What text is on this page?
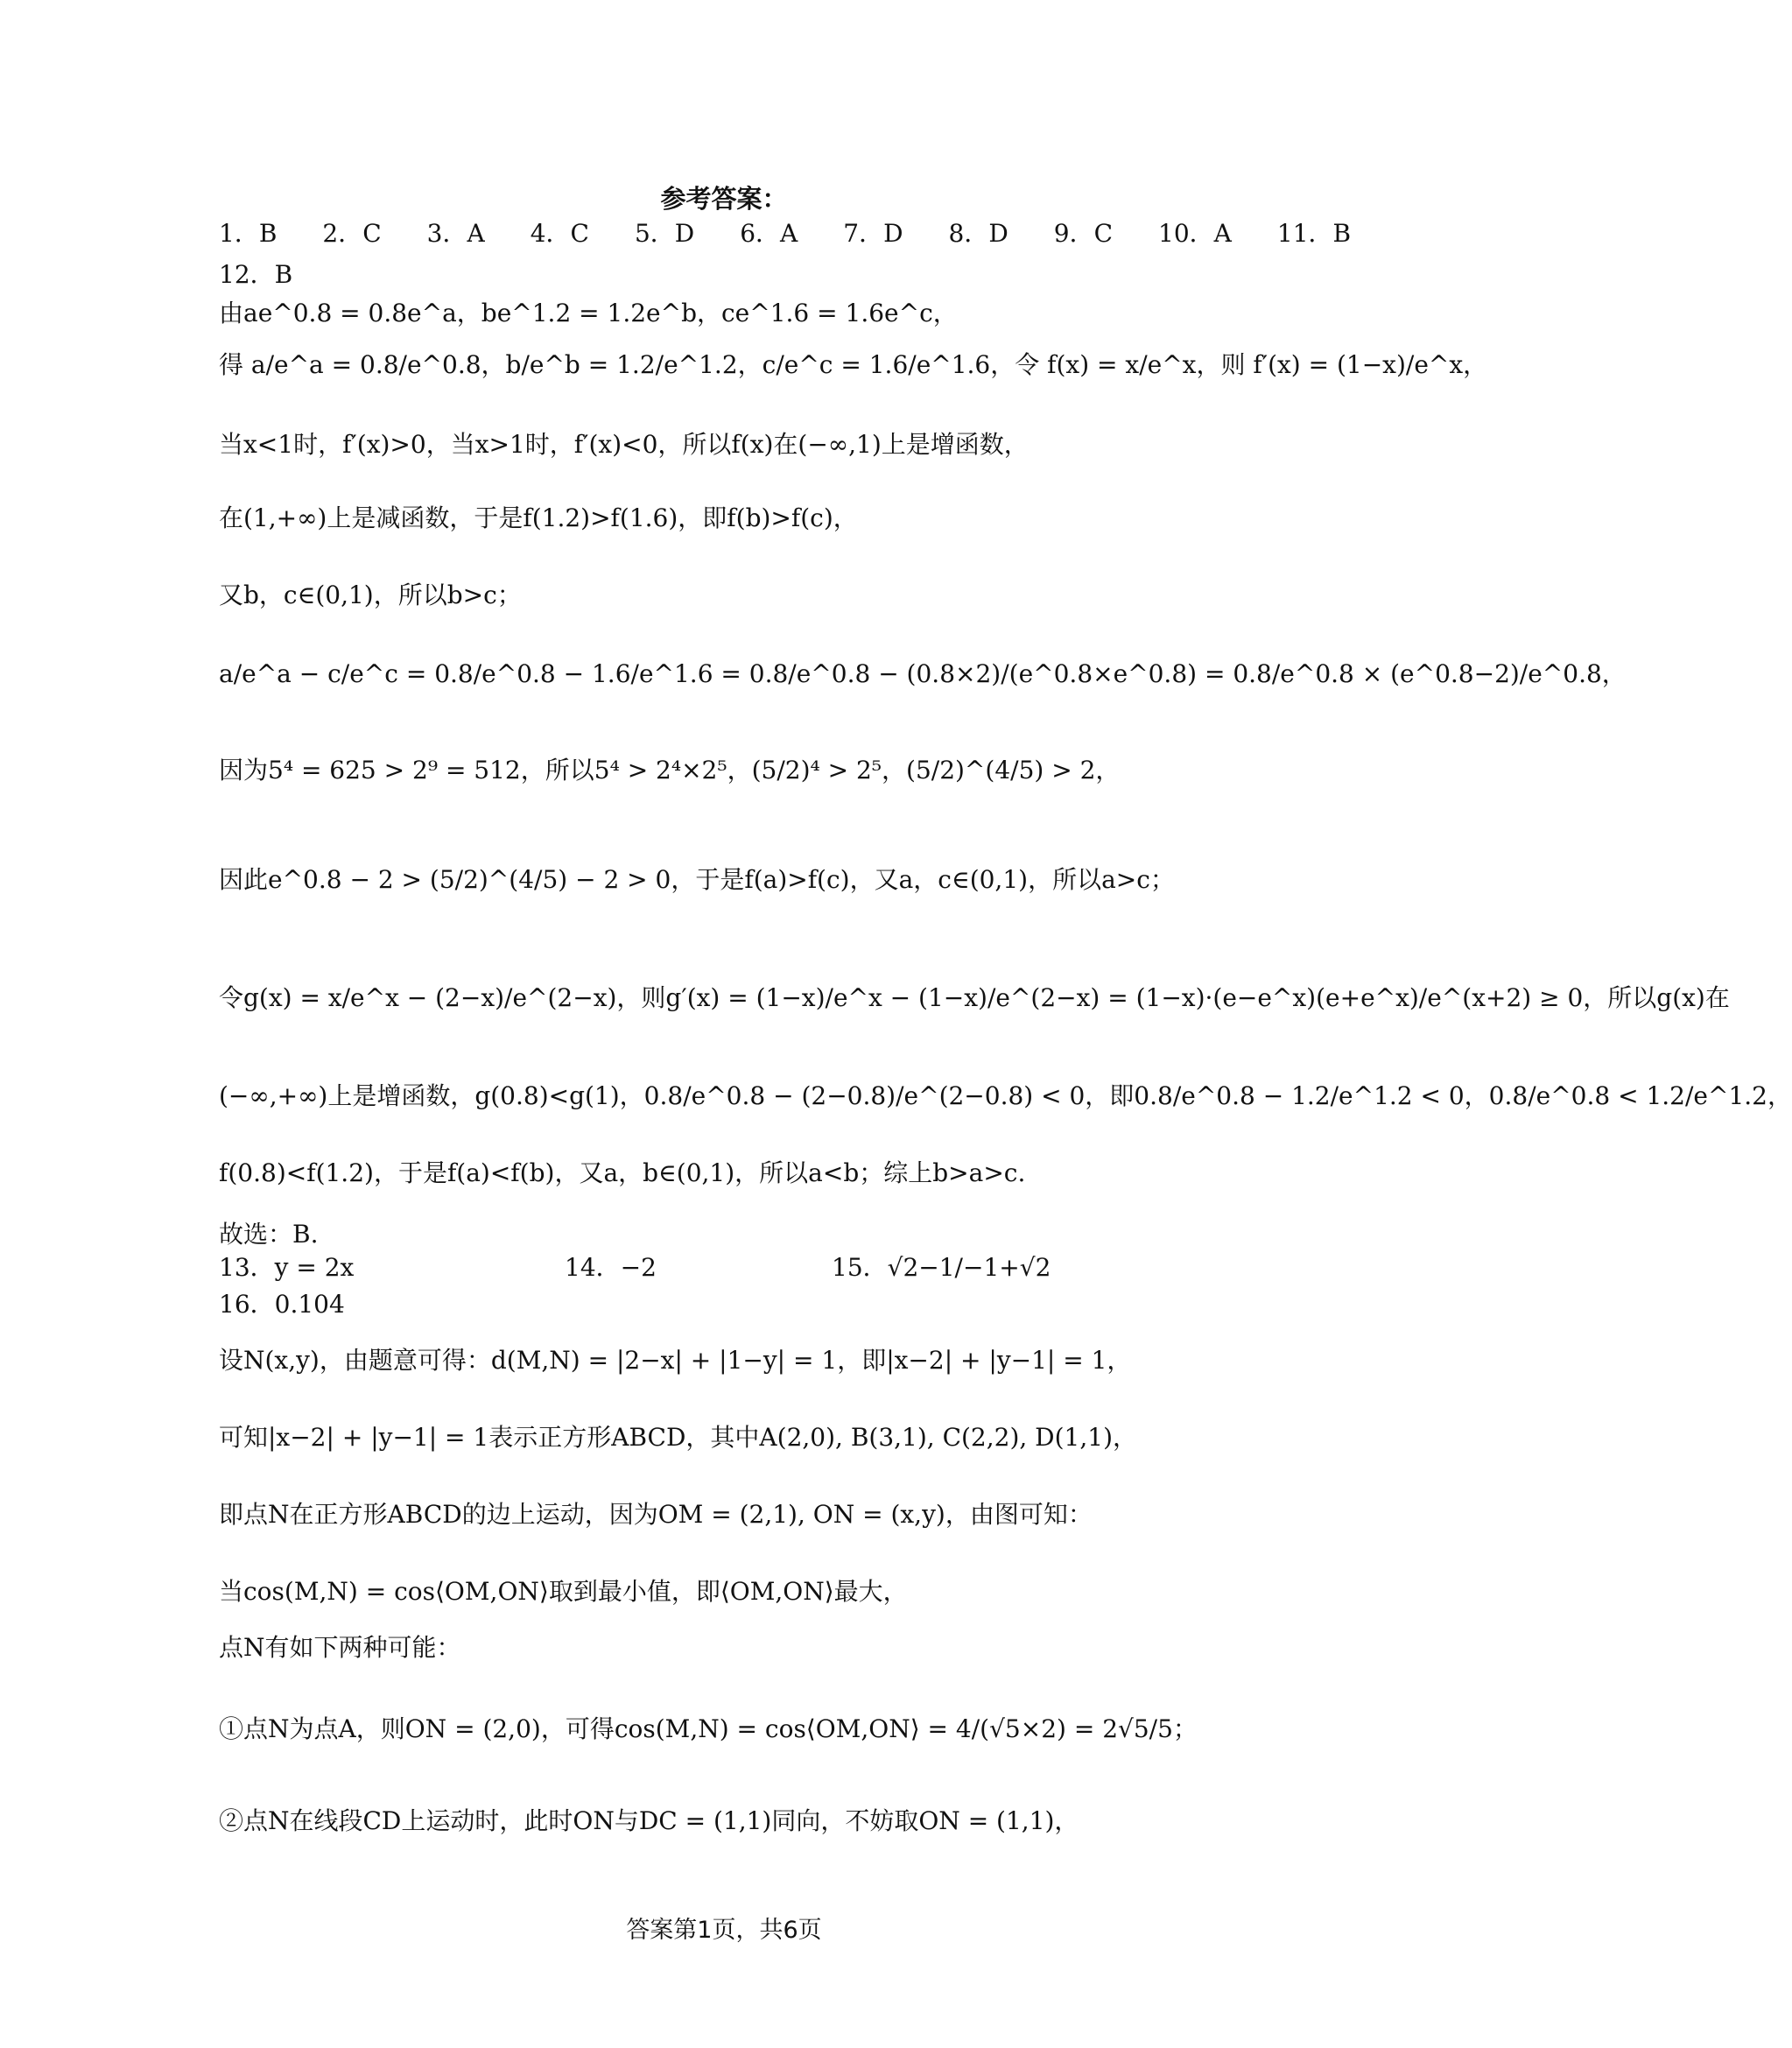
参考答案：
1．B 2．C 3．A 4．C 5．D 6．A 7．D 8．D 9．C 10．A 11．B
12．B
由ae^0.8 = 0.8e^a，be^1.2 = 1.2e^b，ce^1.6 = 1.6e^c，
得 a/e^a = 0.8/e^0.8，b/e^b = 1.2/e^1.2，c/e^c = 1.6/e^1.6，令 f(x) = x/e^x，则 f′(x) = (1−x)/e^x，
当x<1时，f′(x)>0，当x>1时，f′(x)<0，所以f(x)在(−∞,1)上是增函数，
在(1,+∞)上是减函数，于是f(1.2)>f(1.6)，即f(b)>f(c)，
又b，c∈(0,1)，所以b>c；
a/e^a − c/e^c = 0.8/e^0.8 − 1.6/e^1.6 = 0.8/e^0.8 − (0.8×2)/(e^0.8×e^0.8) = 0.8/e^0.8 × (e^0.8−2)/e^0.8，
因为5⁴ = 625 > 2⁹ = 512，所以5⁴ > 2⁴×2⁵，(5/2)⁴ > 2⁵，(5/2)^(4/5) > 2，
因此e^0.8 − 2 > (5/2)^(4/5) − 2 > 0，于是f(a)>f(c)，又a，c∈(0,1)，所以a>c；
令g(x) = x/e^x − (2−x)/e^(2−x)，则g′(x) = (1−x)/e^x − (1−x)/e^(2−x) = (1−x)·(e−e^x)(e+e^x)/e^(x+2) ≥ 0，所以g(x)在
(−∞,+∞)上是增函数，g(0.8)<g(1)，0.8/e^0.8 − (2−0.8)/e^(2−0.8) < 0，即0.8/e^0.8 − 1.2/e^1.2 < 0，0.8/e^0.8 < 1.2/e^1.2，
f(0.8)<f(1.2)，于是f(a)<f(b)，又a，b∈(0,1)，所以a<b；综上b>a>c.
故选：B.
13．y = 2x	14．−2	15．√2−1/−1+√2
16．0.104
设N(x,y)，由题意可得：d(M,N) = |2−x| + |1−y| = 1，即|x−2| + |y−1| = 1，
可知|x−2| + |y−1| = 1表示正方形ABCD，其中A(2,0), B(3,1), C(2,2), D(1,1)，
即点N在正方形ABCD的边上运动，因为OM = (2,1), ON = (x,y)，由图可知：
当cos(M,N) = cos⟨OM,ON⟩取到最小值，即⟨OM,ON⟩最大，
点N有如下两种可能：
①点N为点A，则ON = (2,0)，可得cos(M,N) = cos⟨OM,ON⟩ = 4/(√5×2) = 2√5/5；
②点N在线段CD上运动时，此时ON与DC = (1,1)同向，不妨取ON = (1,1)，
答案第1页，共6页
